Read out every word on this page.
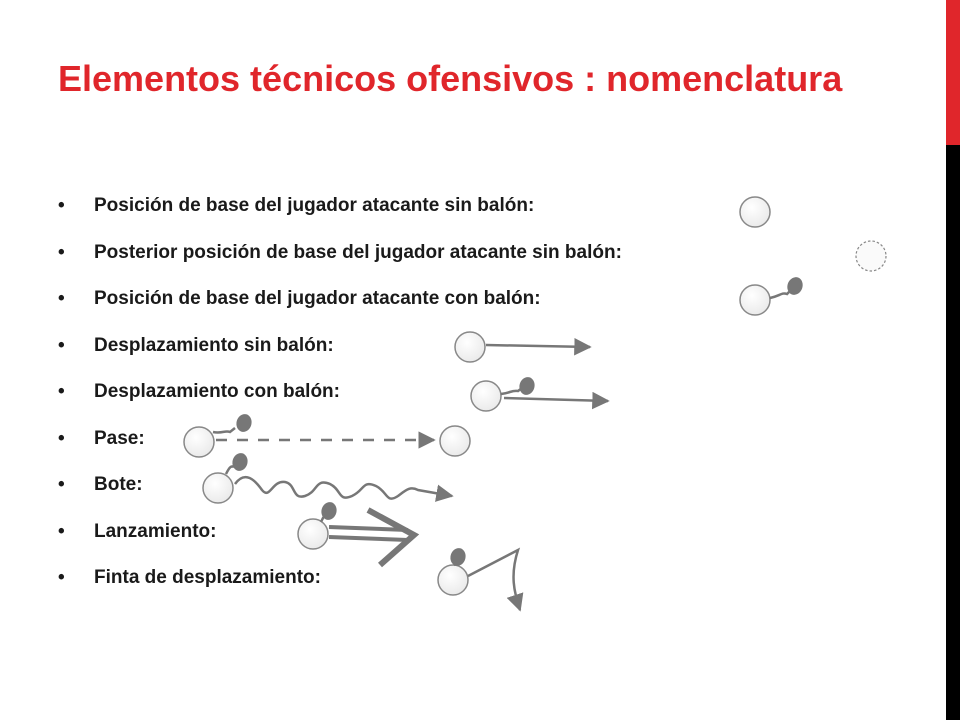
Elementos técnicos ofensivos : nomenclatura
• Posición de base del jugador atacante sin balón:
• Posterior posición de base del jugador atacante sin balón:
• Posición de base del jugador atacante con balón:
• Desplazamiento sin balón:
• Desplazamiento con balón:
• Pase:
• Bote:
• Lanzamiento:
• Finta de desplazamiento:
